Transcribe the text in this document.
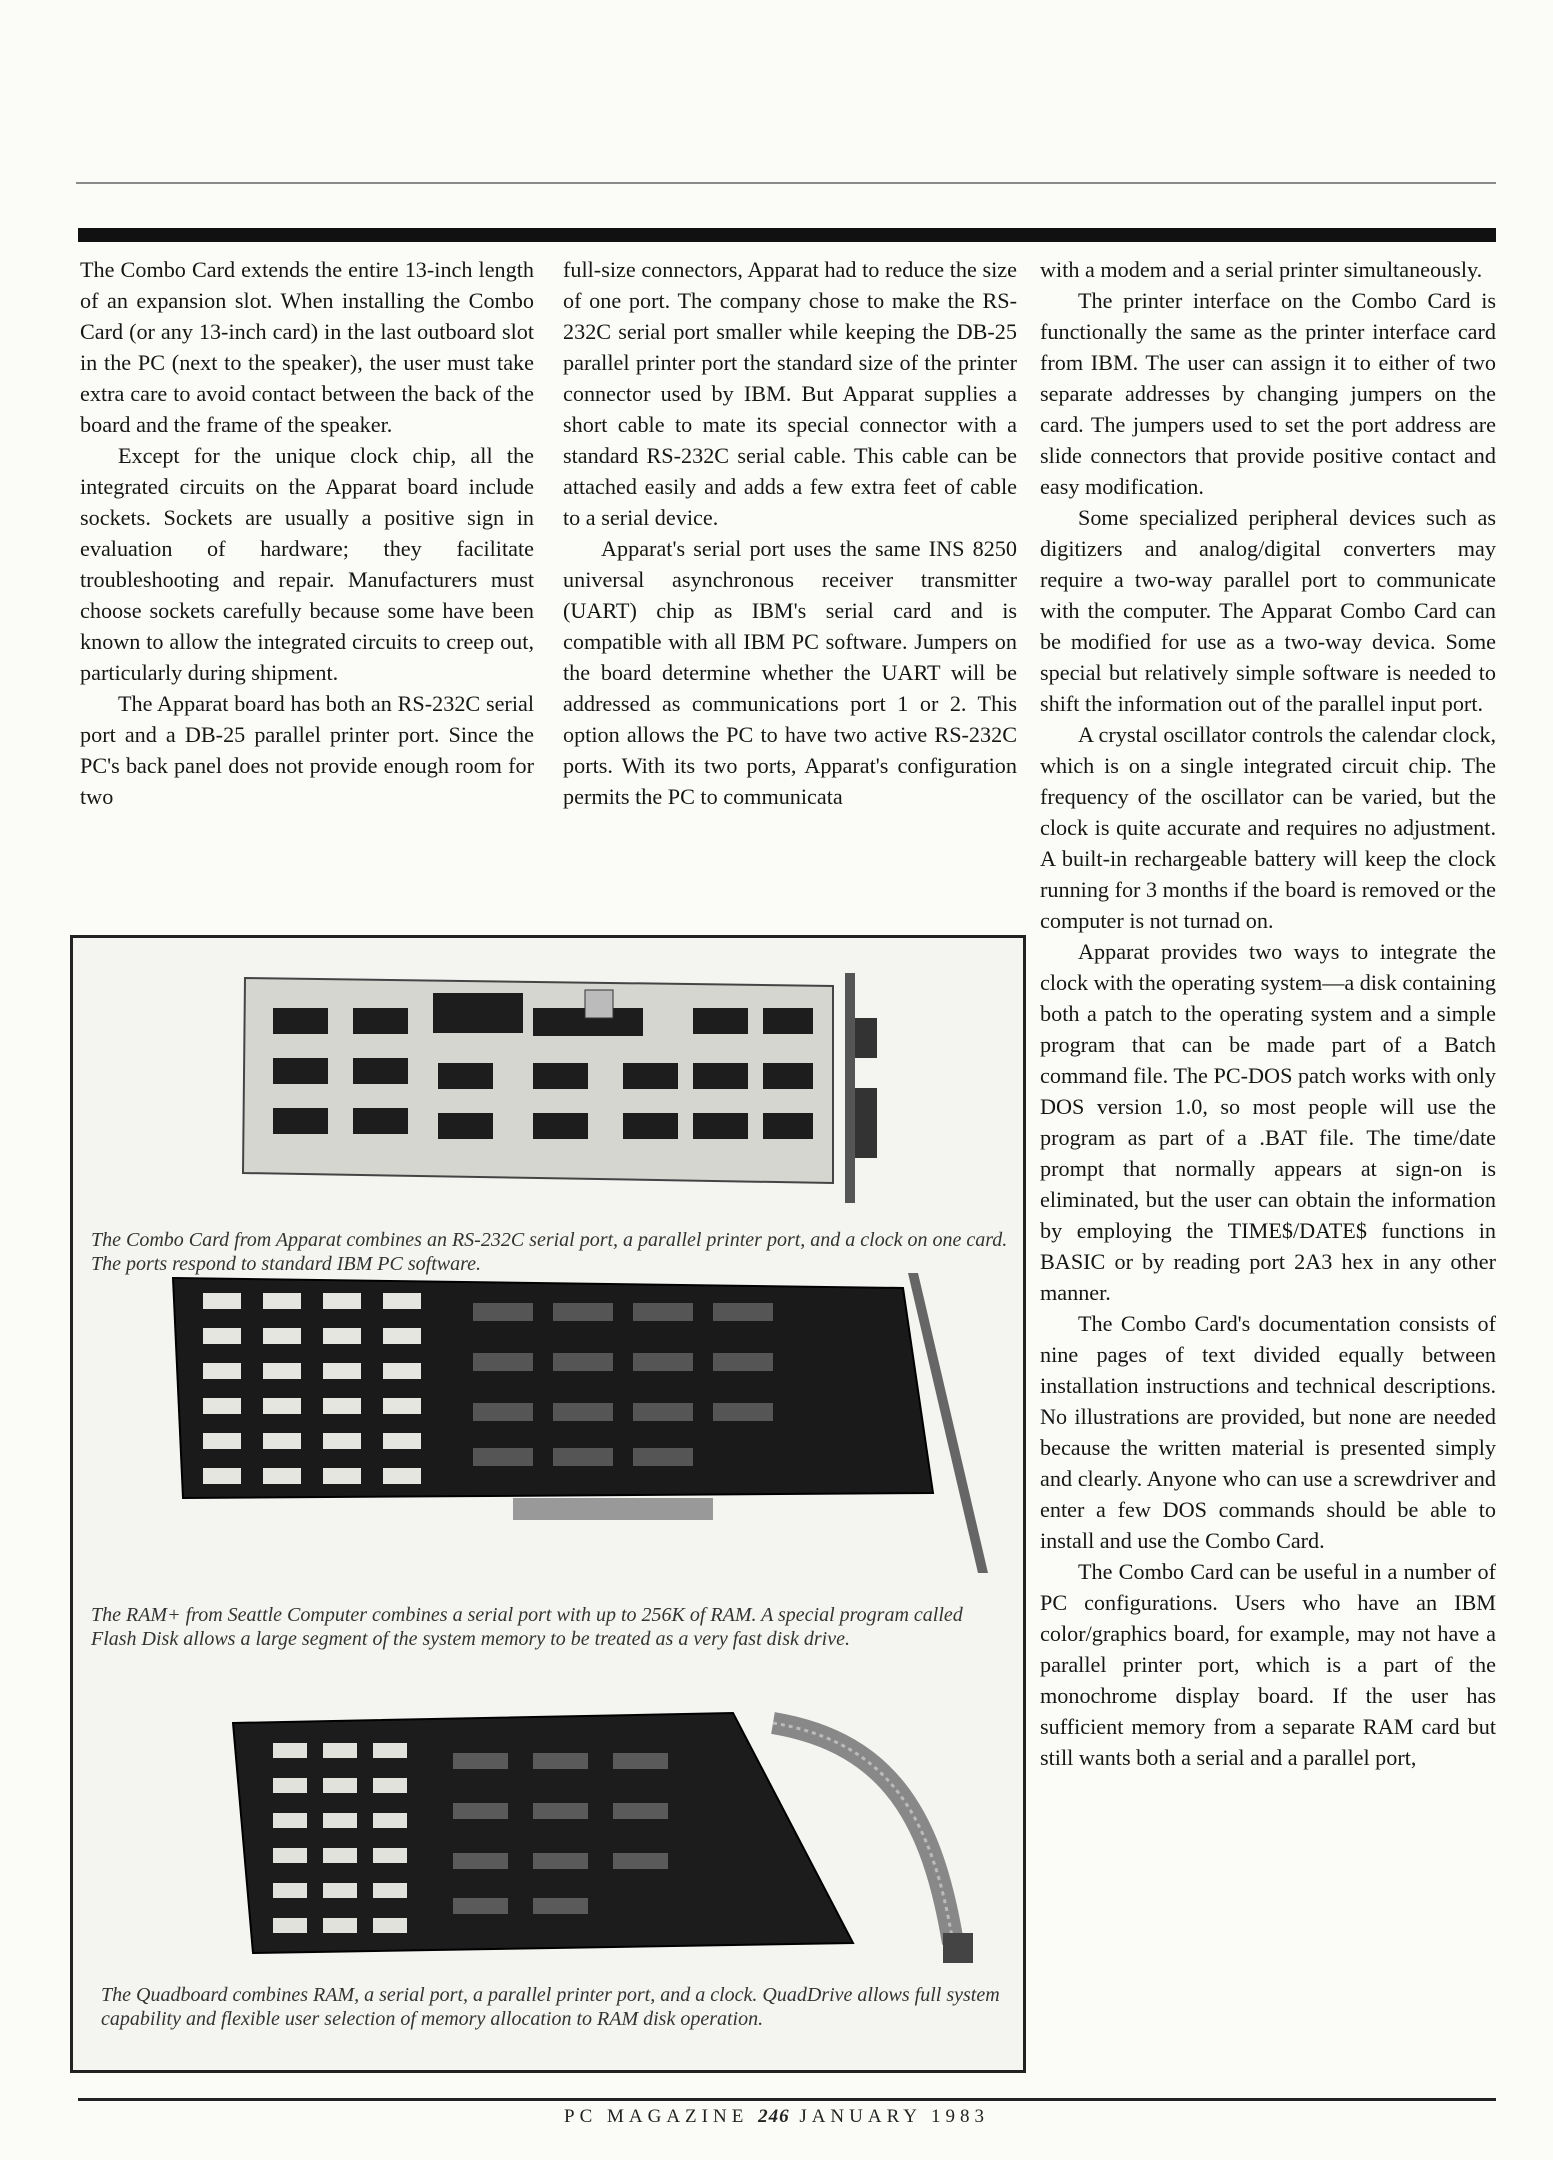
The Combo Card extends the entire 13-inch length of an expansion slot. When installing the Combo Card (or any 13-inch card) in the last outboard slot in the PC (next to the speaker), the user must take extra care to avoid contact between the back of the board and the frame of the speaker.

Except for the unique clock chip, all the integrated circuits on the Apparat board include sockets. Sockets are usually a positive sign in evaluation of hardware; they facilitate troubleshooting and repair. Manufacturers must choose sockets carefully because some have been known to allow the integrated circuits to creep out, particularly during shipment.

The Apparat board has both an RS-232C serial port and a DB-25 parallel printer port. Since the PC's back panel does not provide enough room for two

full-size connectors, Apparat had to reduce the size of one port. The company chose to make the RS-232C serial port smaller while keeping the DB-25 parallel printer port the standard size of the printer connector used by IBM. But Apparat supplies a short cable to mate its special connector with a standard RS-232C serial cable. This cable can be attached easily and adds a few extra feet of cable to a serial device.

Apparat's serial port uses the same INS 8250 universal asynchronous receiver transmitter (UART) chip as IBM's serial card and is compatible with all IBM PC software. Jumpers on the board determine whether the UART will be addressed as communications port 1 or 2. This option allows the PC to have two active RS-232C ports. With its two ports, Apparat's configuration permits the PC to communicata

with a modem and a serial printer simultaneously.

The printer interface on the Combo Card is functionally the same as the printer interface card from IBM. The user can assign it to either of two separate addresses by changing jumpers on the card. The jumpers used to set the port address are slide connectors that provide positive contact and easy modification.

Some specialized peripheral devices such as digitizers and analog/digital converters may require a two-way parallel port to communicate with the computer. The Apparat Combo Card can be modified for use as a two-way devica. Some special but relatively simple software is needed to shift the information out of the parallel input port.

A crystal oscillator controls the calendar clock, which is on a single integrated circuit chip. The frequency of the oscillator can be varied, but the clock is quite accurate and requires no adjustment. A built-in rechargeable battery will keep the clock running for 3 months if the board is removed or the computer is not turnad on.

Apparat provides two ways to integrate the clock with the operating system—a disk containing both a patch to the operating system and a simple program that can be made part of a Batch command file. The PC-DOS patch works with only DOS version 1.0, so most people will use the program as part of a .BAT file. The time/date prompt that normally appears at sign-on is eliminated, but the user can obtain the information by employing the TIME$/DATE$ functions in BASIC or by reading port 2A3 hex in any other manner.

The Combo Card's documentation consists of nine pages of text divided equally between installation instructions and technical descriptions. No illustrations are provided, but none are needed because the written material is presented simply and clearly. Anyone who can use a screwdriver and enter a few DOS commands should be able to install and use the Combo Card.

The Combo Card can be useful in a number of PC configurations. Users who have an IBM color/graphics board, for example, may not have a parallel printer port, which is a part of the monochrome display board. If the user has sufficient memory from a separate RAM card but still wants both a serial and a parallel port,

The Combo Card from Apparat combines an RS-232C serial port, a parallel printer port, and a clock on one card. The ports respond to standard IBM PC software.
The RAM+ from Seattle Computer combines a serial port with up to 256K of RAM. A special program called Flash Disk allows a large segment of the system memory to be treated as a very fast disk drive.
The Quadboard combines RAM, a serial port, a parallel printer port, and a clock. QuadDrive allows full system capability and flexible user selection of memory allocation to RAM disk operation.
PC MAGAZINE 246 JANUARY 1983
